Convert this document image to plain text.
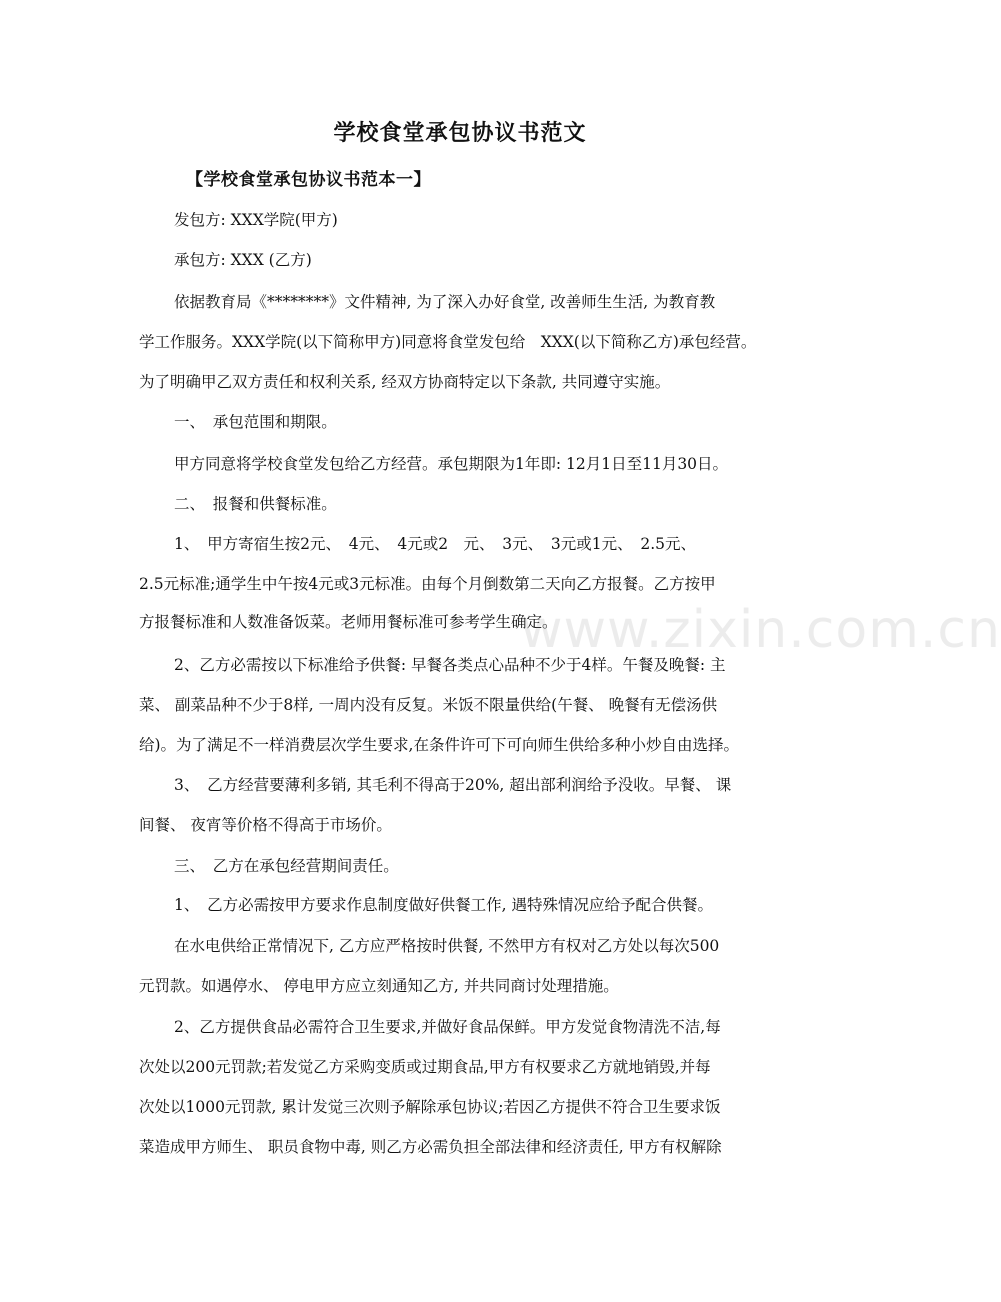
学校食堂承包协议书范文
【学校食堂承包协议书范本一】
发包方: XXX学院(甲方)
承包方: XXX (乙方)
依据教育局《********》文件精神, 为了深入办好食堂, 改善师生生活, 为教育教
学工作服务。XXX学院(以下简称甲方)同意将食堂发包给　XXX(以下简称乙方)承包经营。
为了明确甲乙双方责任和权利关系, 经双方协商特定以下条款, 共同遵守实施。
一、　承包范围和期限。
甲方同意将学校食堂发包给乙方经营。承包期限为1年即: 12月1日至11月30日。
二、　报餐和供餐标准。
1、　甲方寄宿生按2元、　4元、　4元或2　元、　3元、　3元或1元、　2.5元、
2.5元标准;通学生中午按4元或3元标准。由每个月倒数第二天向乙方报餐。乙方按甲
方报餐标准和人数准备饭菜。老师用餐标准可参考学生确定。
2、乙方必需按以下标准给予供餐: 早餐各类点心品种不少于4样。午餐及晚餐: 主
菜、 副菜品种不少于8样, 一周内没有反复。米饭不限量供给(午餐、 晚餐有无偿汤供
给)。为了满足不一样消费层次学生要求,在条件许可下可向师生供给多种小炒自由选择。
3、　乙方经营要薄利多销, 其毛利不得高于20%, 超出部利润给予没收。早餐、 课
间餐、 夜宵等价格不得高于市场价。
三、　乙方在承包经营期间责任。
1、　乙方必需按甲方要求作息制度做好供餐工作, 遇特殊情况应给予配合供餐。
在水电供给正常情况下, 乙方应严格按时供餐, 不然甲方有权对乙方处以每次500
元罚款。如遇停水、 停电甲方应立刻通知乙方, 并共同商讨处理措施。
2、乙方提供食品必需符合卫生要求,并做好食品保鲜。甲方发觉食物清洗不洁,每
次处以200元罚款;若发觉乙方采购变质或过期食品,甲方有权要求乙方就地销毁,并每
次处以1000元罚款, 累计发觉三次则予解除承包协议;若因乙方提供不符合卫生要求饭
菜造成甲方师生、 职员食物中毒, 则乙方必需负担全部法律和经济责任, 甲方有权解除
www.zixin.com.cn
